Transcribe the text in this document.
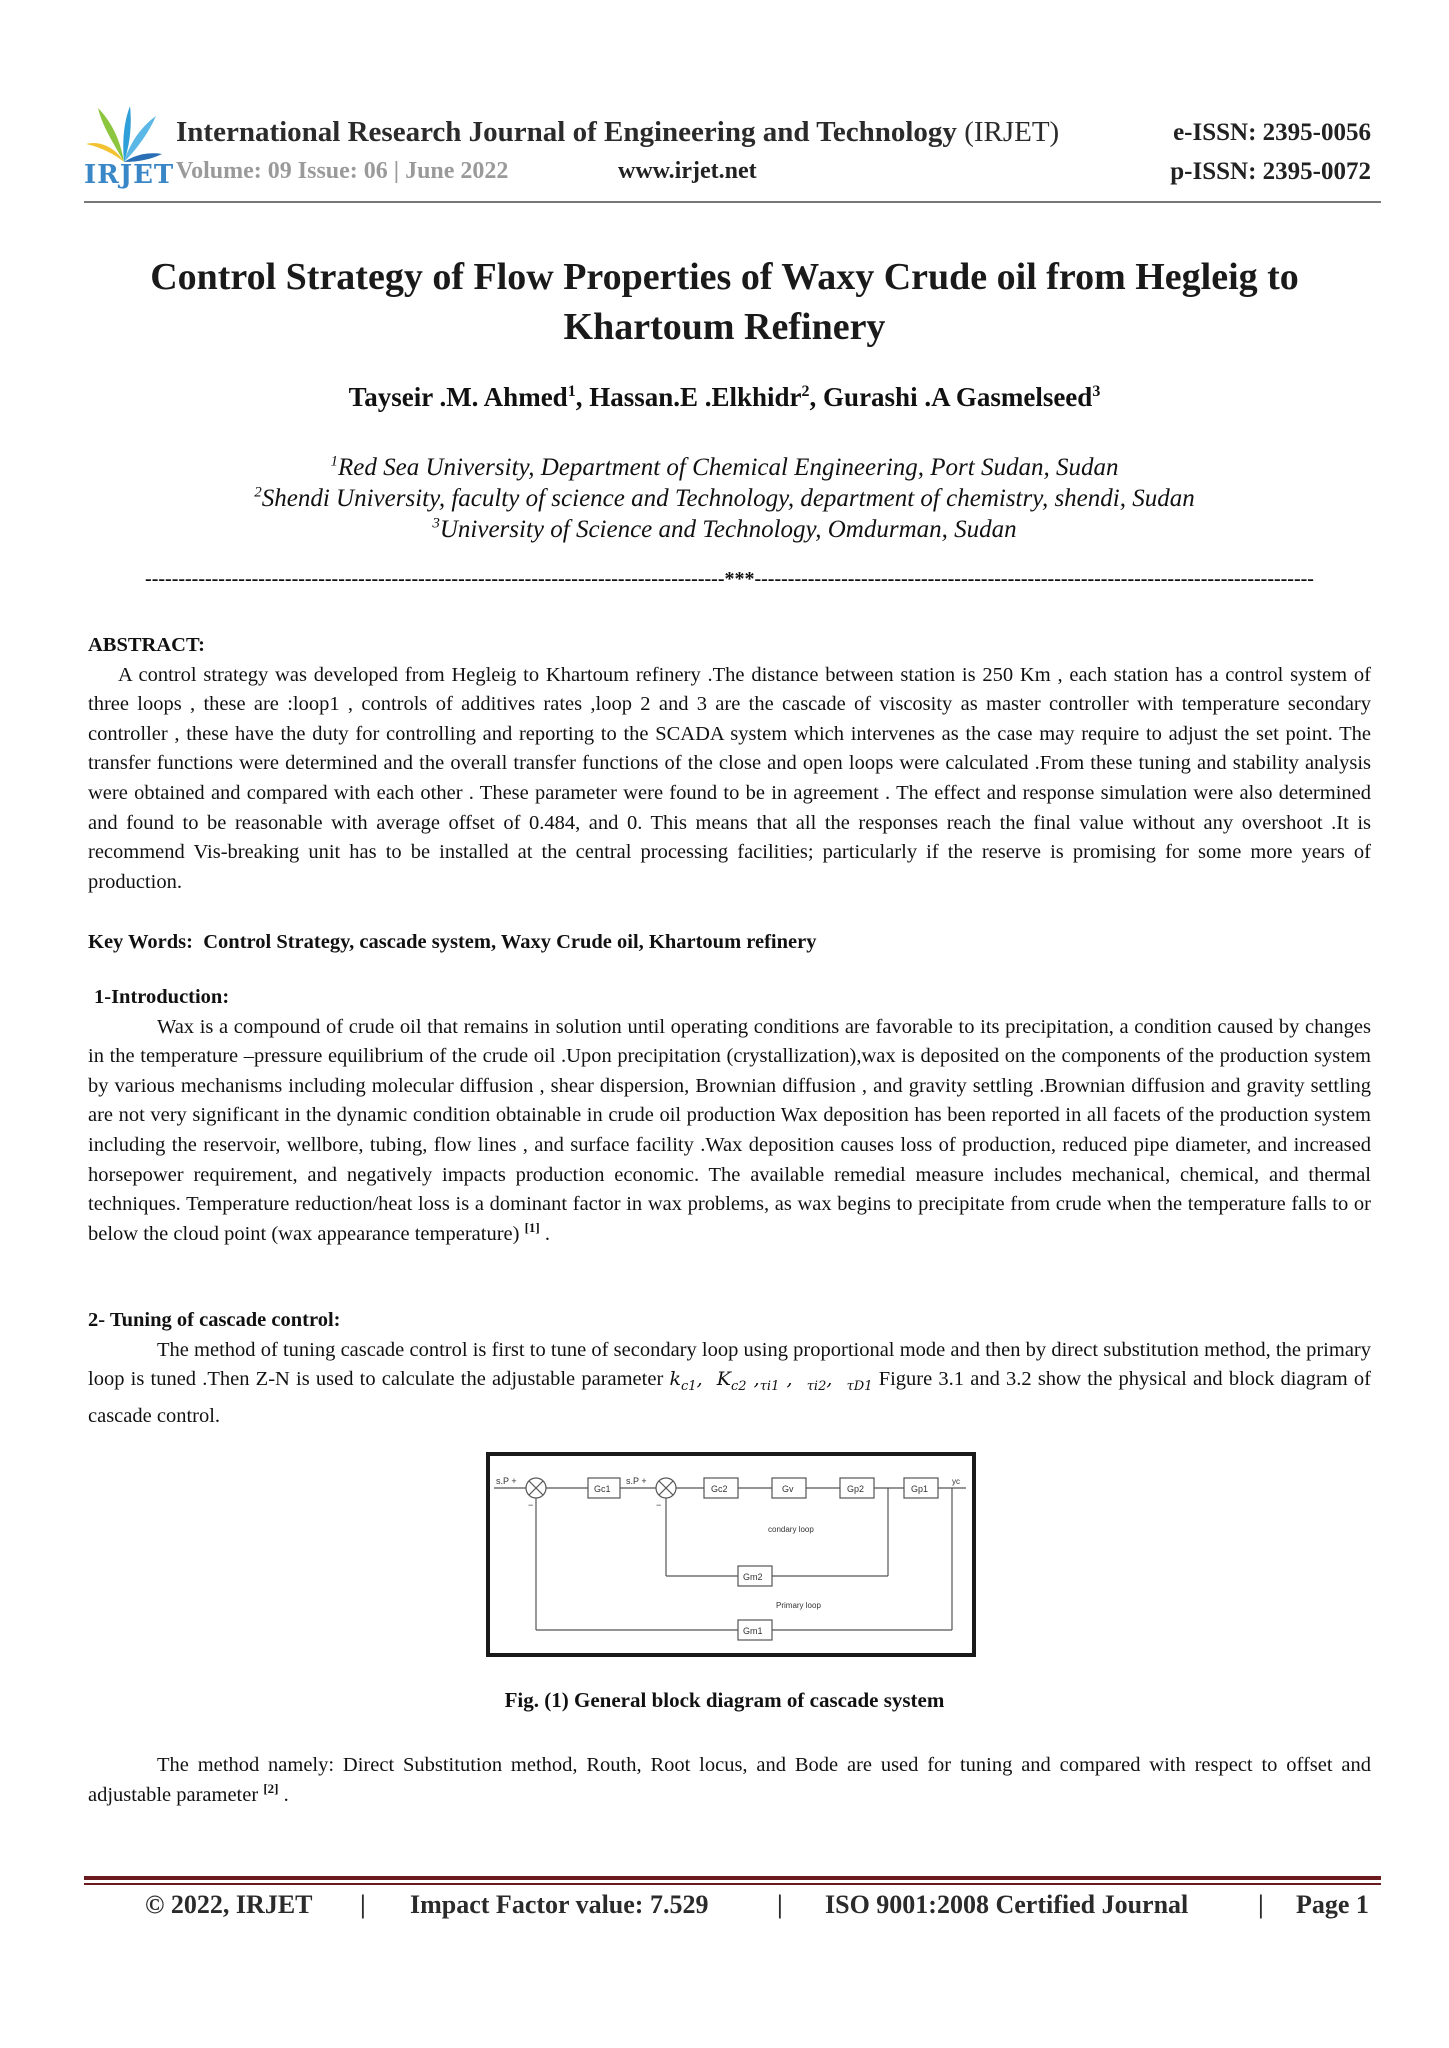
IRJET
International Research Journal of Engineering and Technology (IRJET)
Volume: 09 Issue: 06 | June 2022	www.irjet.net
e-ISSN: 2395-0056
p-ISSN: 2395-0072
Control Strategy of Flow Properties of Waxy Crude oil from Hegleig to
Khartoum Refinery
Tayseir .M. Ahmed$^1$, Hassan.E .Elkhidr$^2$, Gurashi .A Gasmelseed$^3$
$^1$Red Sea University, Department of Chemical Engineering, Port Sudan, Sudan
$^2$Shendi University, faculty of science and Technology, department of chemistry, shendi, Sudan
$^3$University of Science and Technology, Omdurman, Sudan
---------------------------------------------------------------------------------------***------------------------------------------------------------------------------------
ABSTRACT:
A control strategy was developed from Hegleig to Khartoum refinery .The distance between station is 250 Km , each station has a control system of three loops , these are :loop1 , controls of additives rates ,loop 2 and 3 are the cascade of viscosity as master controller with temperature secondary controller , these have the duty for controlling and reporting to the SCADA system which intervenes as the case may require to adjust the set point. The transfer functions were determined and the overall transfer functions of the close and open loops were calculated .From these tuning and stability analysis were obtained and compared with each other . These parameter were found to be in agreement . The effect and response simulation were also determined and found to be reasonable with average offset of 0.484, and 0. This means that all the responses reach the final value without any overshoot .It is recommend Vis-breaking unit has to be installed at the central processing facilities; particularly if the reserve is promising for some more years of production.
Key Words: Control Strategy, cascade system, Waxy Crude oil, Khartoum refinery
1-Introduction:
Wax is a compound of crude oil that remains in solution until operating conditions are favorable to its precipitation, a condition caused by changes in the temperature –pressure equilibrium of the crude oil .Upon precipitation (crystallization),wax is deposited on the components of the production system by various mechanisms including molecular diffusion , shear dispersion, Brownian diffusion , and gravity settling .Brownian diffusion and gravity settling are not very significant in the dynamic condition obtainable in crude oil production Wax deposition has been reported in all facets of the production system including the reservoir, wellbore, tubing, flow lines , and surface facility .Wax deposition causes loss of production, reduced pipe diameter, and increased horsepower requirement, and negatively impacts production economic. The available remedial measure includes mechanical, chemical, and thermal techniques. Temperature reduction/heat loss is a dominant factor in wax problems, as wax begins to precipitate from crude when the temperature falls to or below the cloud point (wax appearance temperature) [1] .
2- Tuning of cascade control:
The method of tuning cascade control is first to tune of secondary loop using proportional mode and then by direct substitution method, the primary loop is tuned .Then Z-N is used to calculate the adjustable parameter $k_{c1}$,  $K_{c2}$ $,_{\tau i1}$ ,  $_{\tau i2}$,  $_{\tau D1}$ Figure 3.1 and 3.2 show the physical and block diagram of cascade control.
s.P +	s.P +
−	−
Gc1	Gc2	Gv	Gp2	Gp1
Gm2
Gm1
yc
condary loop
Primary loop
Fig. (1) General block diagram of cascade system
The method namely: Direct Substitution method, Routh, Root locus, and Bode are used for tuning and compared with respect to offset and adjustable parameter [2] .
© 2022, IRJET | Impact Factor value: 7.529	| ISO 9001:2008 Certified Journal	| Page 1
